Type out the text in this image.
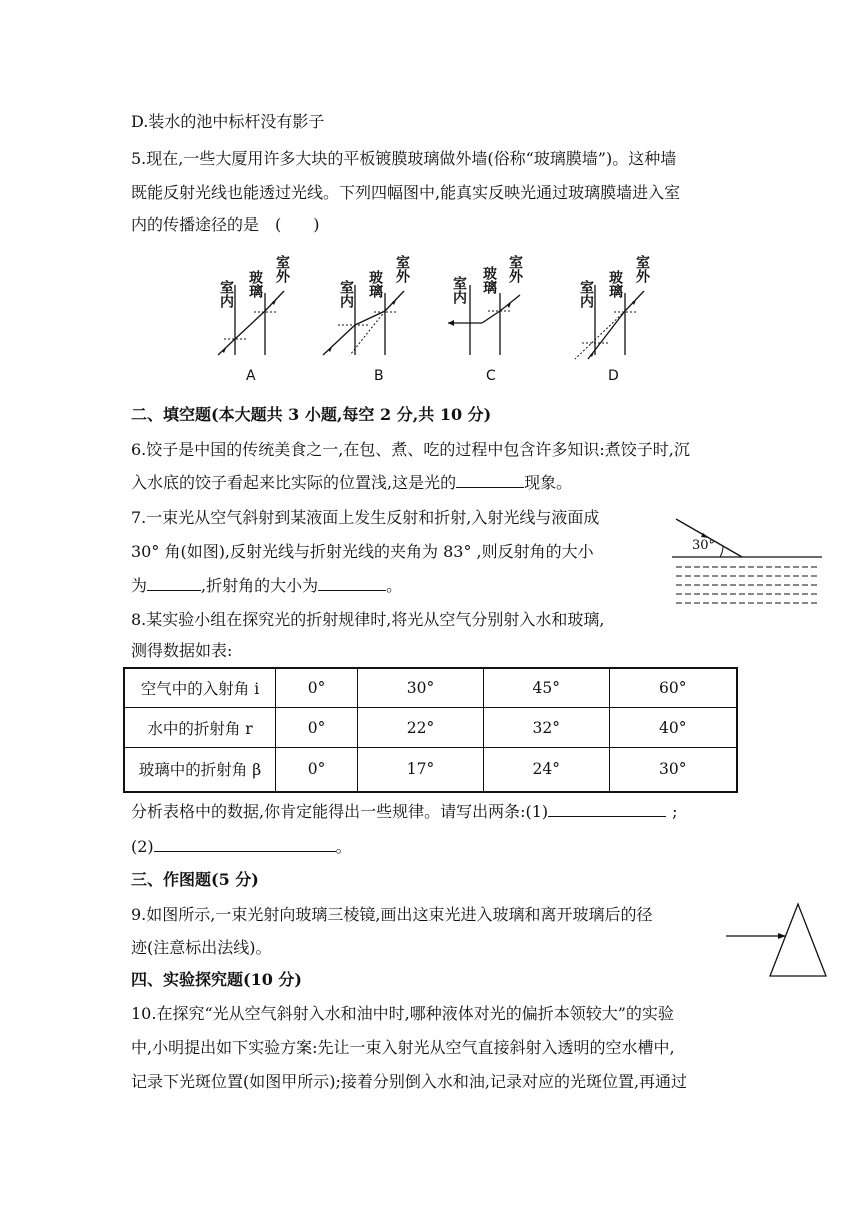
D.装水的池中标杆没有影子
5.现在,一些大厦用许多大块的平板镀膜玻璃做外墙(俗称“玻璃膜墙”)。这种墙
既能反射光线也能透过光线。下列四幅图中,能真实反映光通过玻璃膜墙进入室
内的传播途径的是　(　　)
室内 玻璃
室外
A
室内 玻璃
室外
B
室内 玻璃 室外
C
室内 玻璃
室外
D
二、填空题(本大题共 3 小题,每空 2 分,共 10 分)
6.饺子是中国的传统美食之一,在包、煮、吃的过程中包含许多知识:煮饺子时,沉
入水底的饺子看起来比实际的位置浅,这是光的	现象。
7.一束光从空气斜射到某液面上发生反射和折射,入射光线与液面成
30° 角(如图),反射光线与折射光线的夹角为 83° ,则反射角的大小
为	,折射角的大小为	。
30°
8.某实验小组在探究光的折射规律时,将光从空气分别射入水和玻璃,
测得数据如表:
空气中的入射角 i	0°	30°	45°	60°
水中的折射角 r	0°	22°	32°	40°
玻璃中的折射角 β	0°	17°	24°	30°
分析表格中的数据,你肯定能得出一些规律。请写出两条:(1)	;
(2)	。
三、作图题(5 分)
9.如图所示,一束光射向玻璃三棱镜,画出这束光进入玻璃和离开玻璃后的径
迹(注意标出法线)。
四、实验探究题(10 分)
10.在探究“光从空气斜射入水和油中时,哪种液体对光的偏折本领较大”的实验
中,小明提出如下实验方案:先让一束入射光从空气直接斜射入透明的空水槽中,
记录下光斑位置(如图甲所示);接着分别倒入水和油,记录对应的光斑位置,再通过
